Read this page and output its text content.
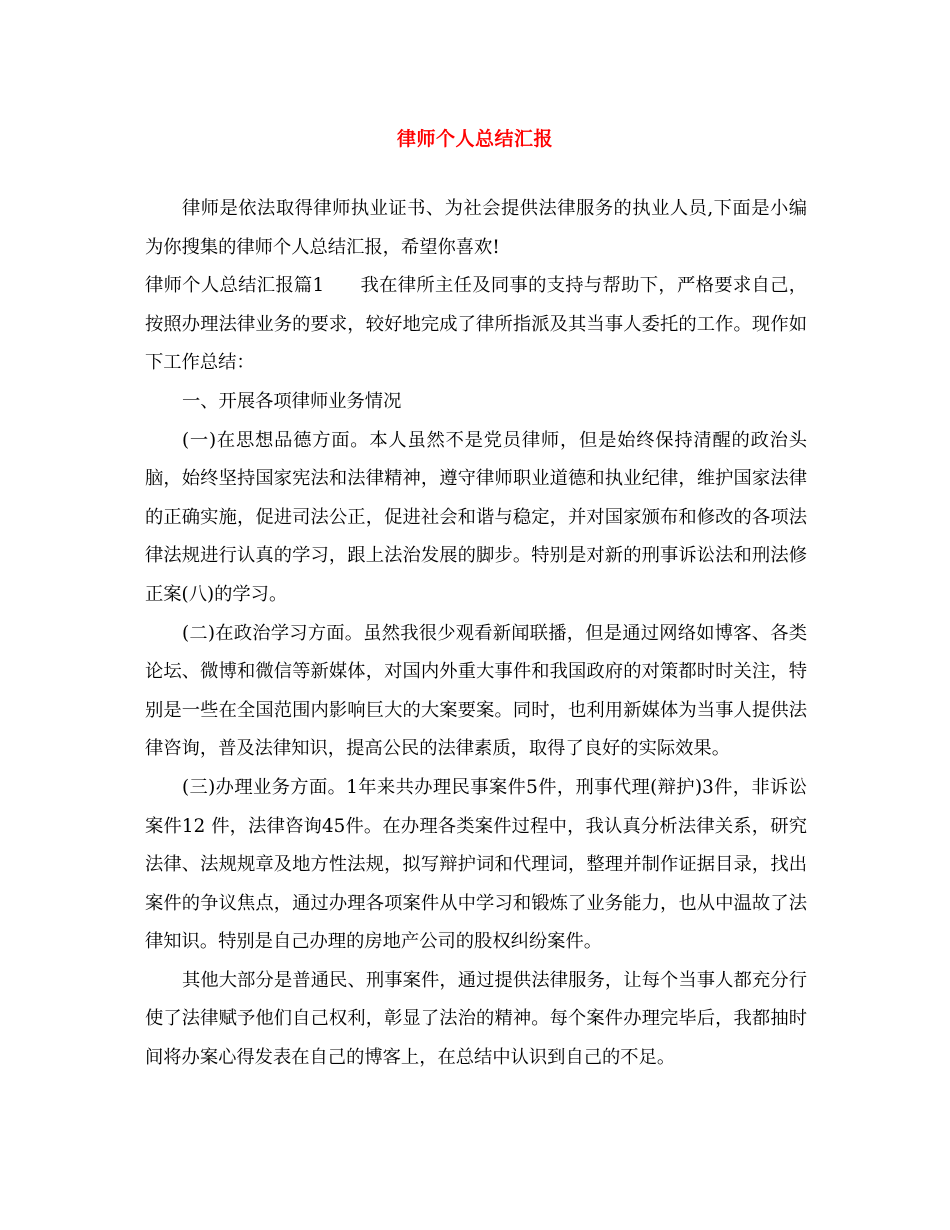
律师个人总结汇报

律师是依法取得律师执业证书、为社会提供法律服务的执业人员,下面是小编为你搜集的律师个人总结汇报，希望你喜欢!

律师个人总结汇报篇1 我在律所主任及同事的支持与帮助下，严格要求自己，按照办理法律业务的要求，较好地完成了律所指派及其当事人委托的工作。现作如下工作总结：

一、开展各项律师业务情况

(一)在思想品德方面。本人虽然不是党员律师，但是始终保持清醒的政治头脑，始终坚持国家宪法和法律精神，遵守律师职业道德和执业纪律，维护国家法律的正确实施，促进司法公正，促进社会和谐与稳定，并对国家颁布和修改的各项法律法规进行认真的学习，跟上法治发展的脚步。特别是对新的刑事诉讼法和刑法修正案(八)的学习。

(二)在政治学习方面。虽然我很少观看新闻联播，但是通过网络如博客、各类论坛、微博和微信等新媒体，对国内外重大事件和我国政府的对策都时时关注，特别是一些在全国范围内影响巨大的大案要案。同时，也利用新媒体为当事人提供法律咨询，普及法律知识，提高公民的法律素质，取得了良好的实际效果。

(三)办理业务方面。1年来共办理民事案件5件，刑事代理(辩护)3件，非诉讼案件12 件，法律咨询45件。在办理各类案件过程中，我认真分析法律关系，研究法律、法规规章及地方性法规，拟写辩护词和代理词，整理并制作证据目录，找出案件的争议焦点，通过办理各项案件从中学习和锻炼了业务能力，也从中温故了法律知识。特别是自己办理的房地产公司的股权纠纷案件。

其他大部分是普通民、刑事案件，通过提供法律服务，让每个当事人都充分行使了法律赋予他们自己权利，彰显了法治的精神。每个案件办理完毕后，我都抽时间将办案心得发表在自己的博客上，在总结中认识到自己的不足。
